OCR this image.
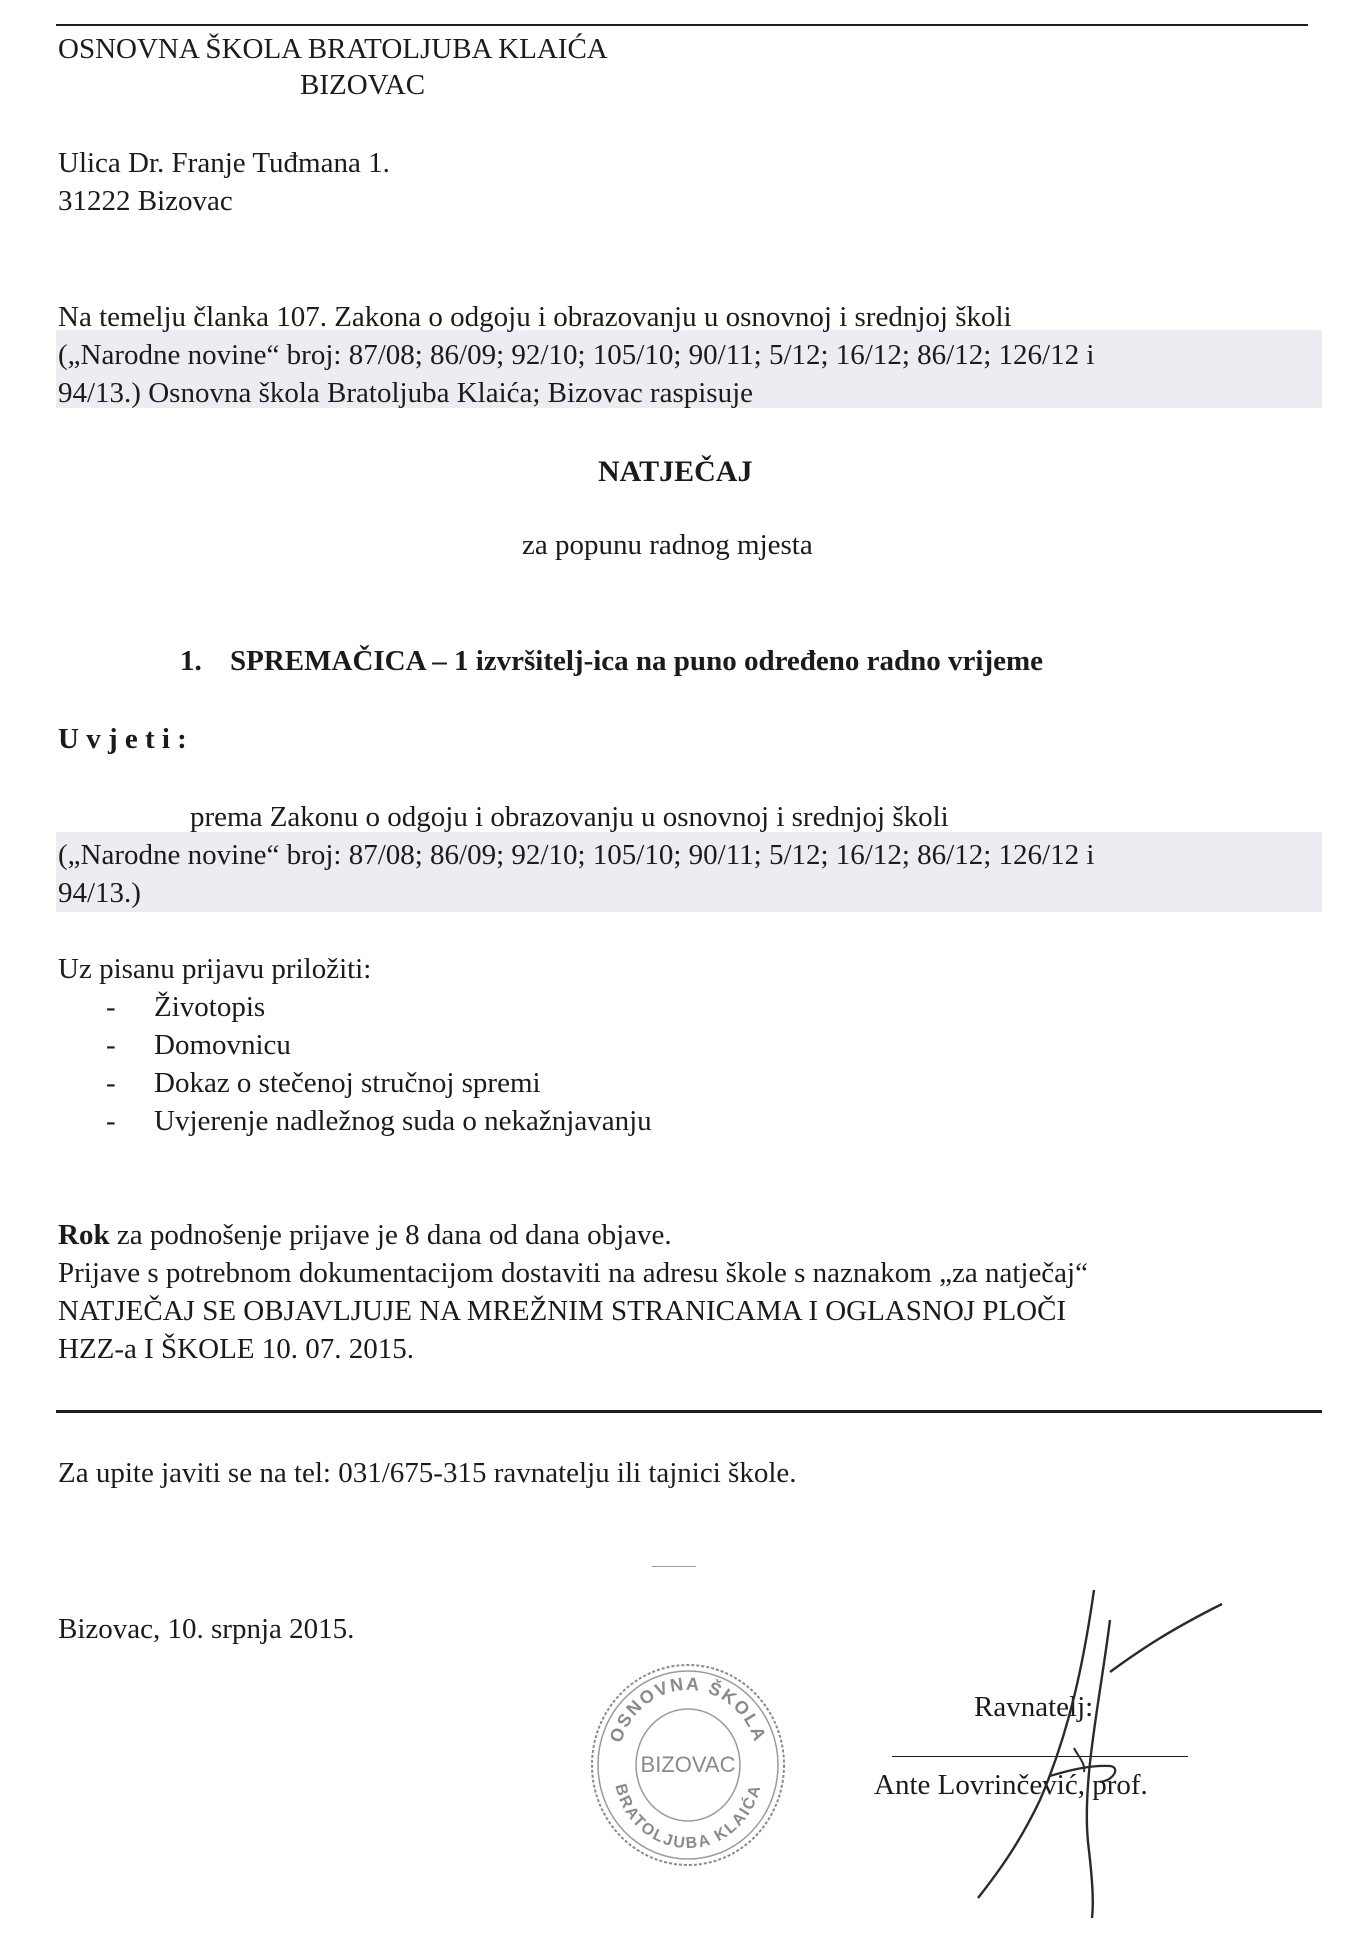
OSNOVNA ŠKOLA BRATOLJUBA KLAIĆA
BIZOVAC
Ulica Dr. Franje Tuđmana 1.
31222 Bizovac
Na temelju članka 107. Zakona o odgoju i obrazovanju u osnovnoj i srednjoj školi
(„Narodne novine“ broj: 87/08; 86/09; 92/10; 105/10; 90/11; 5/12; 16/12; 86/12; 126/12 i
94/13.) Osnovna škola Bratoljuba Klaića; Bizovac raspisuje
NATJEČAJ
za popunu radnog mjesta
1. SPREMAČICA – 1 izvršitelj-ica na puno određeno radno vrijeme
U v j e t i :
prema Zakonu o odgoju i obrazovanju u osnovnoj i srednjoj školi
(„Narodne novine“ broj: 87/08; 86/09; 92/10; 105/10; 90/11; 5/12; 16/12; 86/12; 126/12 i
94/13.)
Uz pisanu prijavu priložiti:
- Životopis
- Domovnicu
- Dokaz o stečenoj stručnoj spremi
- Uvjerenje nadležnog suda o nekažnjavanju
Rok za podnošenje prijave je 8 dana od dana objave.
Prijave s potrebnom dokumentacijom dostaviti na adresu škole s naznakom „za natječaj“
NATJEČAJ SE OBJAVLJUJE NA MREŽNIM STRANICAMA I OGLASNOJ PLOČI
HZZ-a I ŠKOLE 10. 07. 2015.
Za upite javiti se na tel: 031/675-315 ravnatelju ili tajnici škole.
Bizovac, 10. srpnja 2015.
OSNOVNA ŠKOLA
BRATOLJUBA KLAIĆA
BIZOVAC
Ravnatelj:
Ante Lovrinčević, prof.
